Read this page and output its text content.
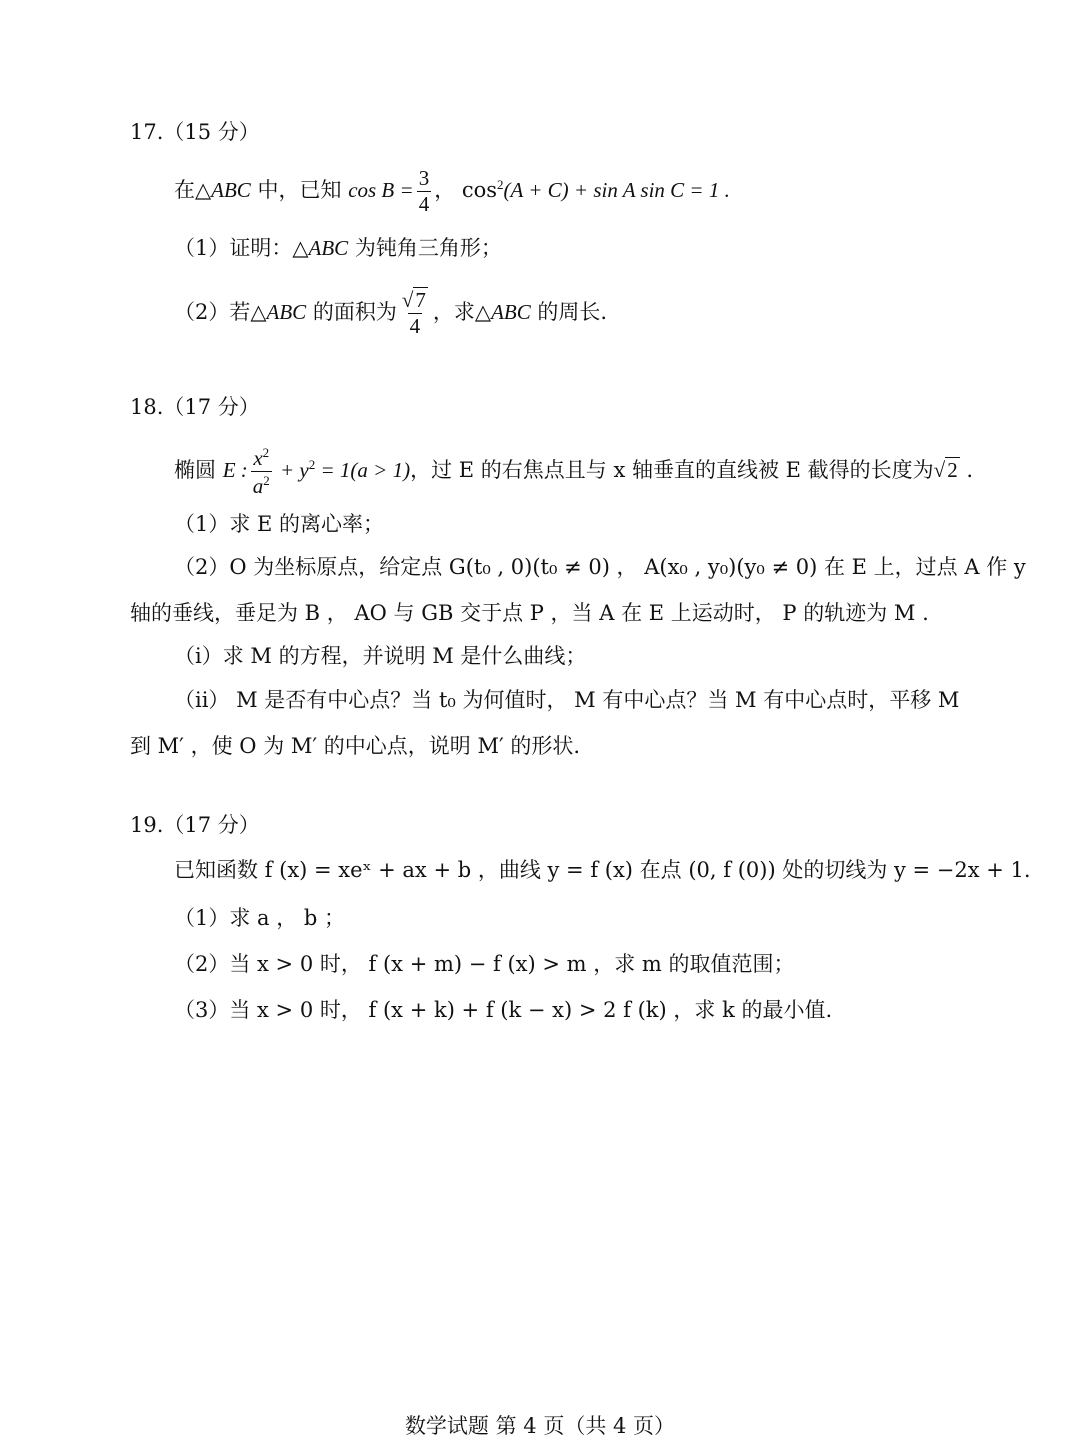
17.（15 分）
在△ABC 中，已知 $\cos B = \frac{3}{4}$ ， $\cos^2(A + C) + \sin A$ sin C = 1 .
（1）证明：△ABC 为钝角三角形；
（2）若△ABC 的面积为 $\frac{√7}{4}$ ，求△ABC 的周长.
18.（17 分）
椭圆 E : $\frac{x^2}{a^2} + y^2 = 1(a > 1)$，过 E 的右焦点且与 x 轴垂直的直线被 E 截得的长度为√2 .
（1）求 E 的离心率；
（2）O 为坐标原点，给定点 G(t₀ , 0)(t₀ ≠ 0) ， A(x₀ , y₀)(y₀ ≠ 0) 在 E 上，过点 A 作 y
轴的垂线，垂足为 B ， AO 与 GB 交于点 P ，当 A 在 E 上运动时， P 的轨迹为 M .
（i）求 M 的方程，并说明 M 是什么曲线；
（ii） M 是否有中心点？当 t₀ 为何值时， M 有中心点？当 M 有中心点时，平移 M
到 M′ ，使 O 为 M′ 的中心点，说明 M′ 的形状.
19.（17 分）
已知函数 f (x) = xeˣ + ax + b ，曲线 y = f (x) 在点 (0, f (0)) 处的切线为 y = −2x + 1.
（1）求 a ， b ；
（2）当 x > 0 时， f (x + m) − f (x) > m ，求 m 的取值范围；
（3）当 x > 0 时， f (x + k) + f (k − x) > 2 f (k) ，求 k 的最小值.
数学试题 第 4 页（共 4 页）
